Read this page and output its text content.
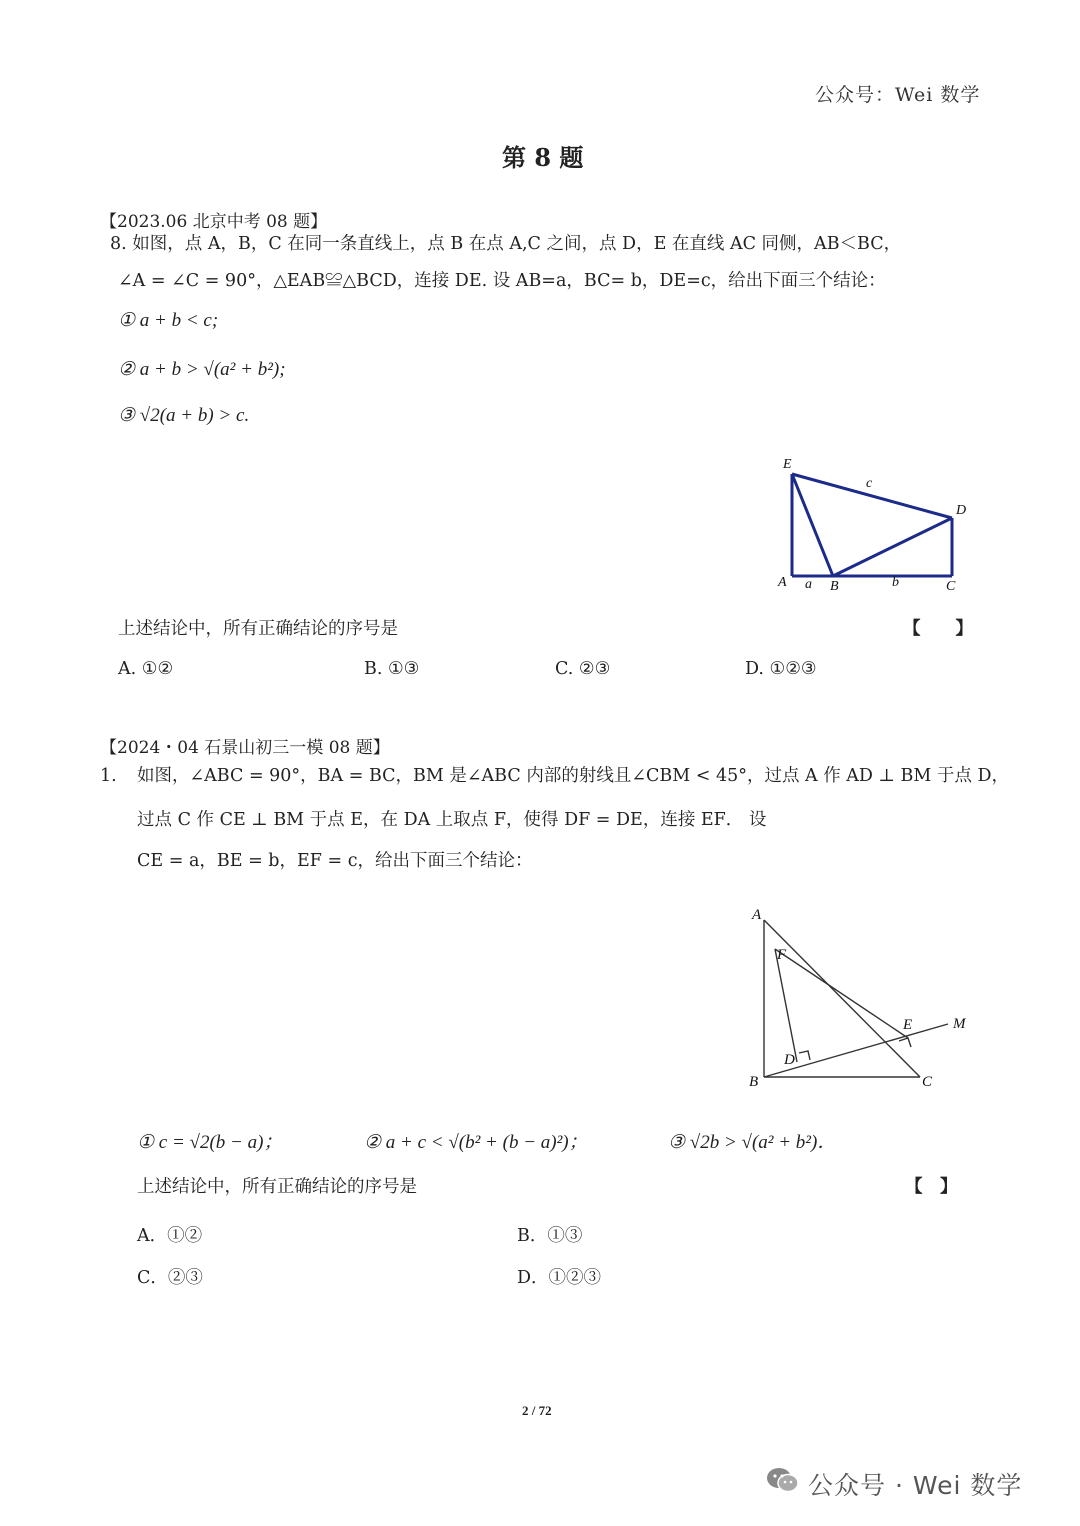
公众号：Wei 数学
第 8 题
【2023.06 北京中考 08 题】
8. 如图，点 A，B，C 在同一条直线上，点 B 在点 A,C 之间，点 D，E 在直线 AC 同侧，AB＜BC，
∠A = ∠C = 90°，△EAB≌△BCD，连接 DE. 设 AB=a，BC= b，DE=c，给出下面三个结论：
① a + b < c;
② a + b > √(a² + b²);
③ √2(a + b) > c.
E
D
A	B	C
a	b
c
上述结论中，所有正确结论的序号是	【　　】
A. ①②	B. ①③	C. ②③	D. ①②③
【2024・04 石景山初三一模 08 题】
1. 如图，∠ABC = 90°，BA = BC，BM 是∠ABC 内部的射线且∠CBM < 45°，过点 A 作 AD ⊥ BM 于点 D，
过点 C 作 CE ⊥ BM 于点 E，在 DA 上取点 F，使得 DF = DE，连接 EF． 设
CE = a，BE = b，EF = c，给出下面三个结论：
A
F
E	M
D
B	C
① c = √2(b − a)；	② a + c < √(b² + (b − a)²)；	③ √2b > √(a² + b²)．
上述结论中，所有正确结论的序号是	【　】
A．①②	B．①③
C．②③	D．①②③
2 / 72
公众号 · Wei 数学
